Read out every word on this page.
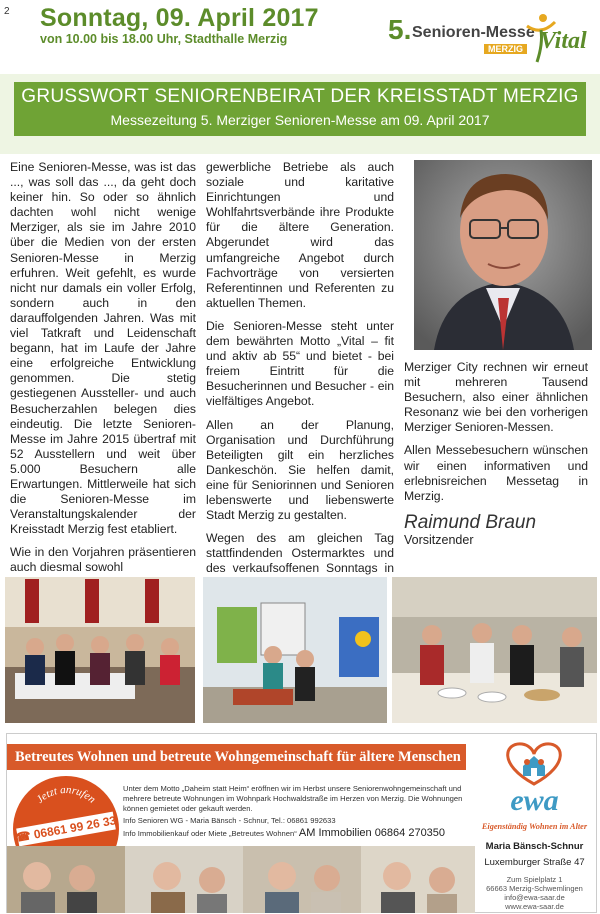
2 Sonntag, 09. April 2017
von 10.00 bis 18.00 Uhr, Stadthalle Merzig	5. Senioren-Messe
MERZIG Vital
GRUSSWORT SENIORENBEIRAT DER KREISSTADT MERZIG
Messezeitung 5. Merziger Senioren-Messe am 09. April 2017

Eine Senioren-Messe, was ist das ..., was soll das ..., da geht doch keiner hin. So oder so ähnlich dachten wohl nicht wenige Merziger, als sie im Jahre 2010 über die Medien von der ersten Senioren-Messe in Merzig erfuhren. Weit gefehlt, es wurde nicht nur damals ein voller Erfolg, sondern auch in den darauffolgenden Jahren. Was mit viel Tatkraft und Leidenschaft begann, hat im Laufe der Jahre eine erfolgreiche Entwicklung genommen. Die stetig gestiegenen Aussteller- und auch Besucherzahlen belegen dies eindeutig. Die letzte Senioren-Messe im Jahre 2015 übertraf mit 52 Ausstellern und weit über 5.000 Besuchern alle Erwartungen. Mittlerweile hat sich die Senioren-Messe im Veranstaltungskalender der Kreisstadt Merzig fest etabliert.

Wie in den Vorjahren präsentieren auch diesmal sowohl

gewerbliche Betriebe als auch soziale und karitative Einrichtungen und Wohlfahrtsverbände ihre Produkte für die ältere Generation. Abgerundet wird das umfangreiche Angebot durch Fachvorträge von versierten Referentinnen und Referenten zu aktuellen Themen.

Die Senioren-Messe steht unter dem bewährten Motto „Vital – fit und aktiv ab 55“ und bietet - bei freiem Eintritt für die Besucherinnen und Besucher - ein vielfältiges Angebot.

Allen an der Planung, Organisation und Durchführung Beteiligten gilt ein herzliches Dankeschön. Sie helfen damit, eine für Seniorinnen und Senioren lebenswerte und liebenswerte Stadt Merzig zu gestalten.

Wegen des am gleichen Tag stattfindenden Ostermarktes und des verkaufsoffenen Sonntags in

Merziger City rechnen wir erneut mit mehreren Tausend Besuchern, also einer ähnlichen Resonanz wie bei den vorherigen Merziger Senioren-Messen.

Allen Messebesuchern wünschen wir einen informativen und erlebnisreichen Messetag in Merzig.

Raimund Braun
Vorsitzender
Betreutes Wohnen und betreute Wohngemeinschaft für ältere Menschen
Jetzt anrufen
☎ 06861 99 26 33
Unter dem Motto „Daheim statt Heim“ eröffnen wir im Herbst unsere Seniorenwohngemeinschaft und mehrere betreute Wohnungen im Wohnpark Hochwaldstraße im Herzen von Merzig. Die Wohnungen können gemietet oder gekauft werden.
Info Senioren WG - Maria Bänsch - Schnur, Tel.: 06861 992633
Info Immobilienkauf oder Miete „Betreutes Wohnen“ AM Immobilien 06864 270350
ewa
Eigenständig Wohnen im Alter
Maria Bänsch-Schnur
Luxemburger Straße 47
Zum Spielplatz 1
66663 Merzig-Schwemlingen
info@ewa-saar.de
www.ewa-saar.de
